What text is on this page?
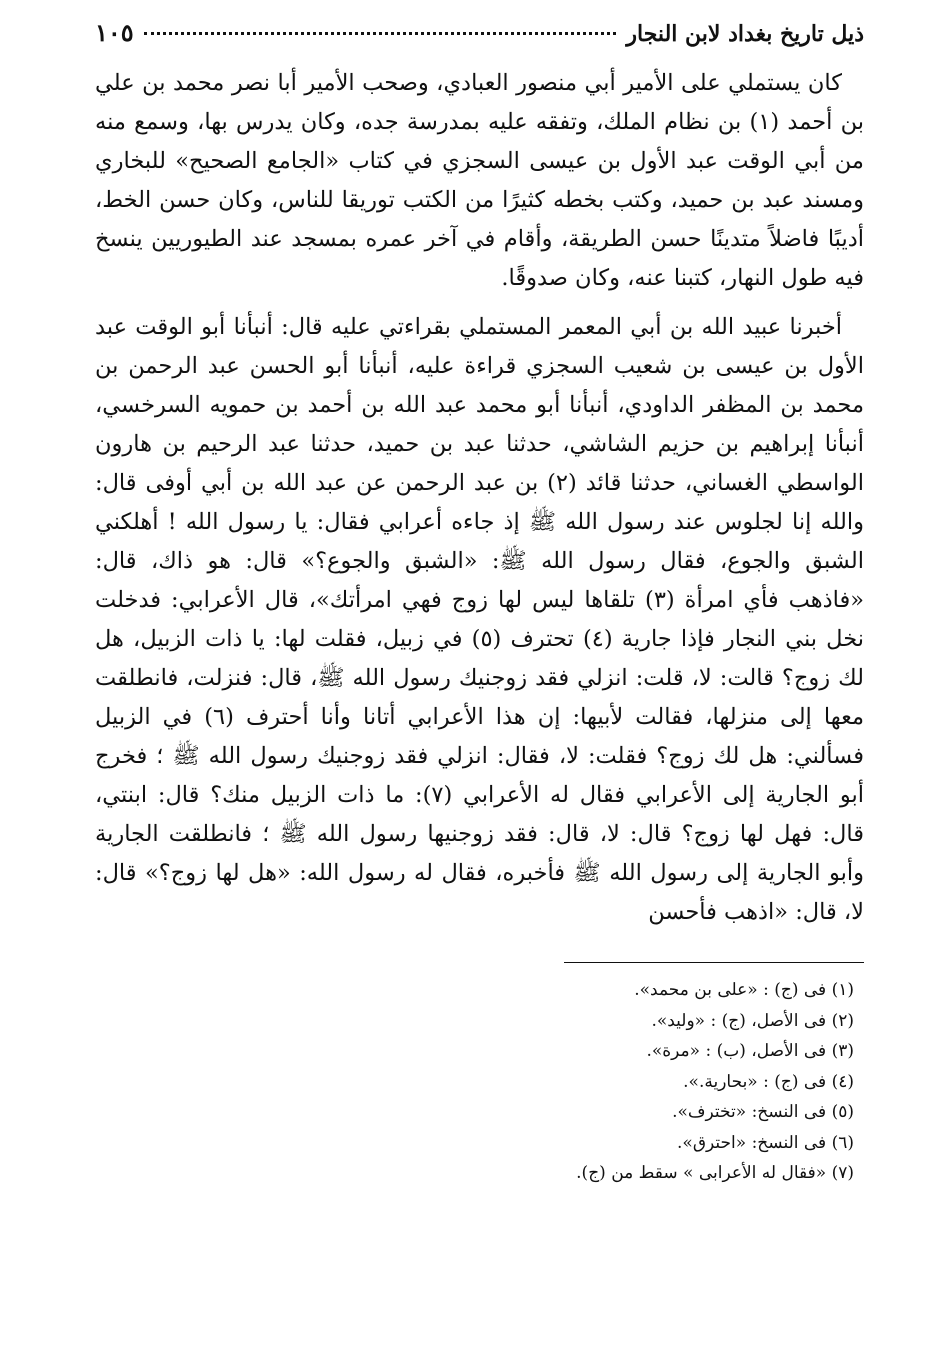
ذيل تاريخ بغداد لابن النجار
١٠٥

كان يستملي على الأمير أبي منصور العبادي، وصحب الأمير أبا نصر محمد بن علي بن أحمد (١) بن نظام الملك، وتفقه عليه بمدرسة جده، وكان يدرس بها، وسمع منه من أبي الوقت عبد الأول بن عيسى السجزي في كتاب «الجامع الصحيح» للبخاري ومسند عبد بن حميد، وكتب بخطه كثيرًا من الكتب توريقا للناس، وكان حسن الخط، أديبًا فاضلاً متدينًا حسن الطريقة، وأقام في آخر عمره بمسجد عند الطيوريين ينسخ فيه طول النهار، كتبنا عنه، وكان صدوقًا.

أخبرنا عبيد الله بن أبي المعمر المستملي بقراءتي عليه قال: أنبأنا أبو الوقت عبد الأول بن عيسى بن شعيب السجزي قراءة عليه، أنبأنا أبو الحسن عبد الرحمن بن محمد بن المظفر الداودي، أنبأنا أبو محمد عبد الله بن أحمد بن حمويه السرخسي، أنبأنا إبراهيم بن حزيم الشاشي، حدثنا عبد بن حميد، حدثنا عبد الرحيم بن هارون الواسطي الغساني، حدثنا قائد (٢) بن عبد الرحمن عن عبد الله بن أبي أوفى قال: والله إنا لجلوس عند رسول الله ﷺ إذ جاءه أعرابي فقال: يا رسول الله ! أهلكني الشبق والجوع، فقال رسول الله ﷺ: «الشبق والجوع؟» قال: هو ذاك، قال: «فاذهب فأي امرأة (٣) تلقاها ليس لها زوج فهي امرأتك»، قال الأعرابي: فدخلت نخل بني النجار فإذا جارية (٤) تحترف (٥) في زبيل، فقلت لها: يا ذات الزبيل، هل لك زوج؟ قالت: لا، قلت: انزلي فقد زوجنيك رسول الله ﷺ، قال: فنزلت، فانطلقت معها إلى منزلها، فقالت لأبيها: إن هذا الأعرابي أتانا وأنا أحترف (٦) في الزبيل فسألني: هل لك زوج؟ فقلت: لا، فقال: انزلي فقد زوجنيك رسول الله ﷺ ؛ فخرج أبو الجارية إلى الأعرابي فقال له الأعرابي (٧): ما ذات الزبيل منك؟ قال: ابنتي، قال: فهل لها زوج؟ قال: لا، قال: فقد زوجنيها رسول الله ﷺ ؛ فانطلقت الجارية وأبو الجارية إلى رسول الله ﷺ فأخبره، فقال له رسول الله: «هل لها زوج؟» قال: لا، قال: «اذهب فأحسن

(١) فى (ج) : «على بن محمد».
(٢) فى الأصل، (ج) : «وليد».
(٣) فى الأصل، (ب) : «مرة».
(٤) فى (ج) : «بحارية.».
(٥) فى النسخ: «تخترف».
(٦) فى النسخ: «احترق».
(٧) «فقال له الأعرابى » سقط من (ج).
